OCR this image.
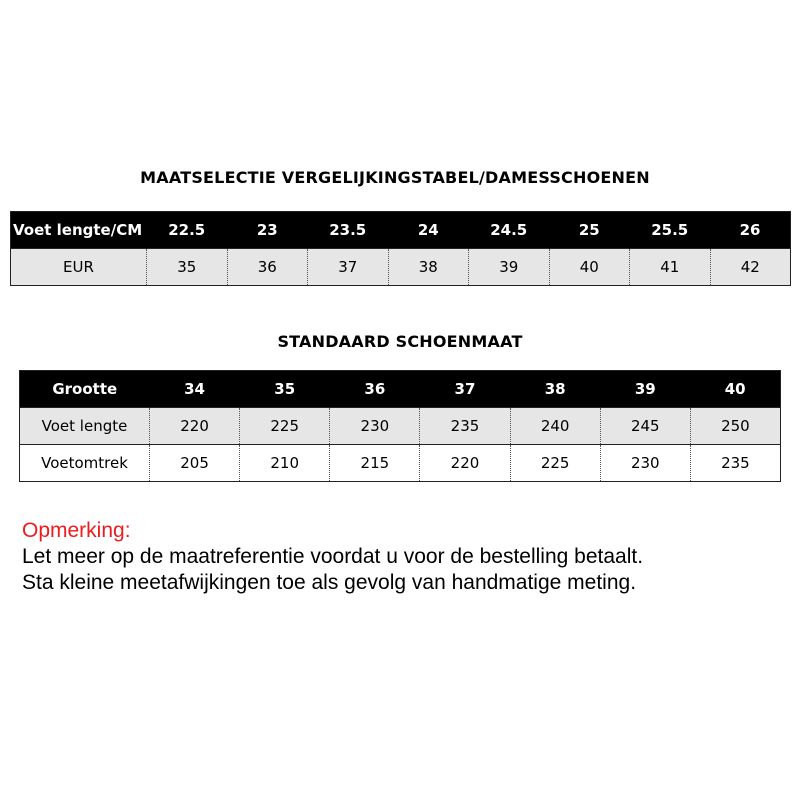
MAATSELECTIE VERGELIJKINGSTABEL/DAMESSCHOENEN
Voet lengte/CM	22.5	23	23.5	24	24.5	25	25.5	26
EUR	35	36	37	38	39	40	41	42
STANDAARD SCHOENMAAT
Grootte	34	35	36	37	38	39	40
Voet lengte	220	225	230	235	240	245	250
Voetomtrek	205	210	215	220	225	230	235
Opmerking:
Let meer op de maatreferentie voordat u voor de bestelling betaalt.
Sta kleine meetafwijkingen toe als gevolg van handmatige meting.
